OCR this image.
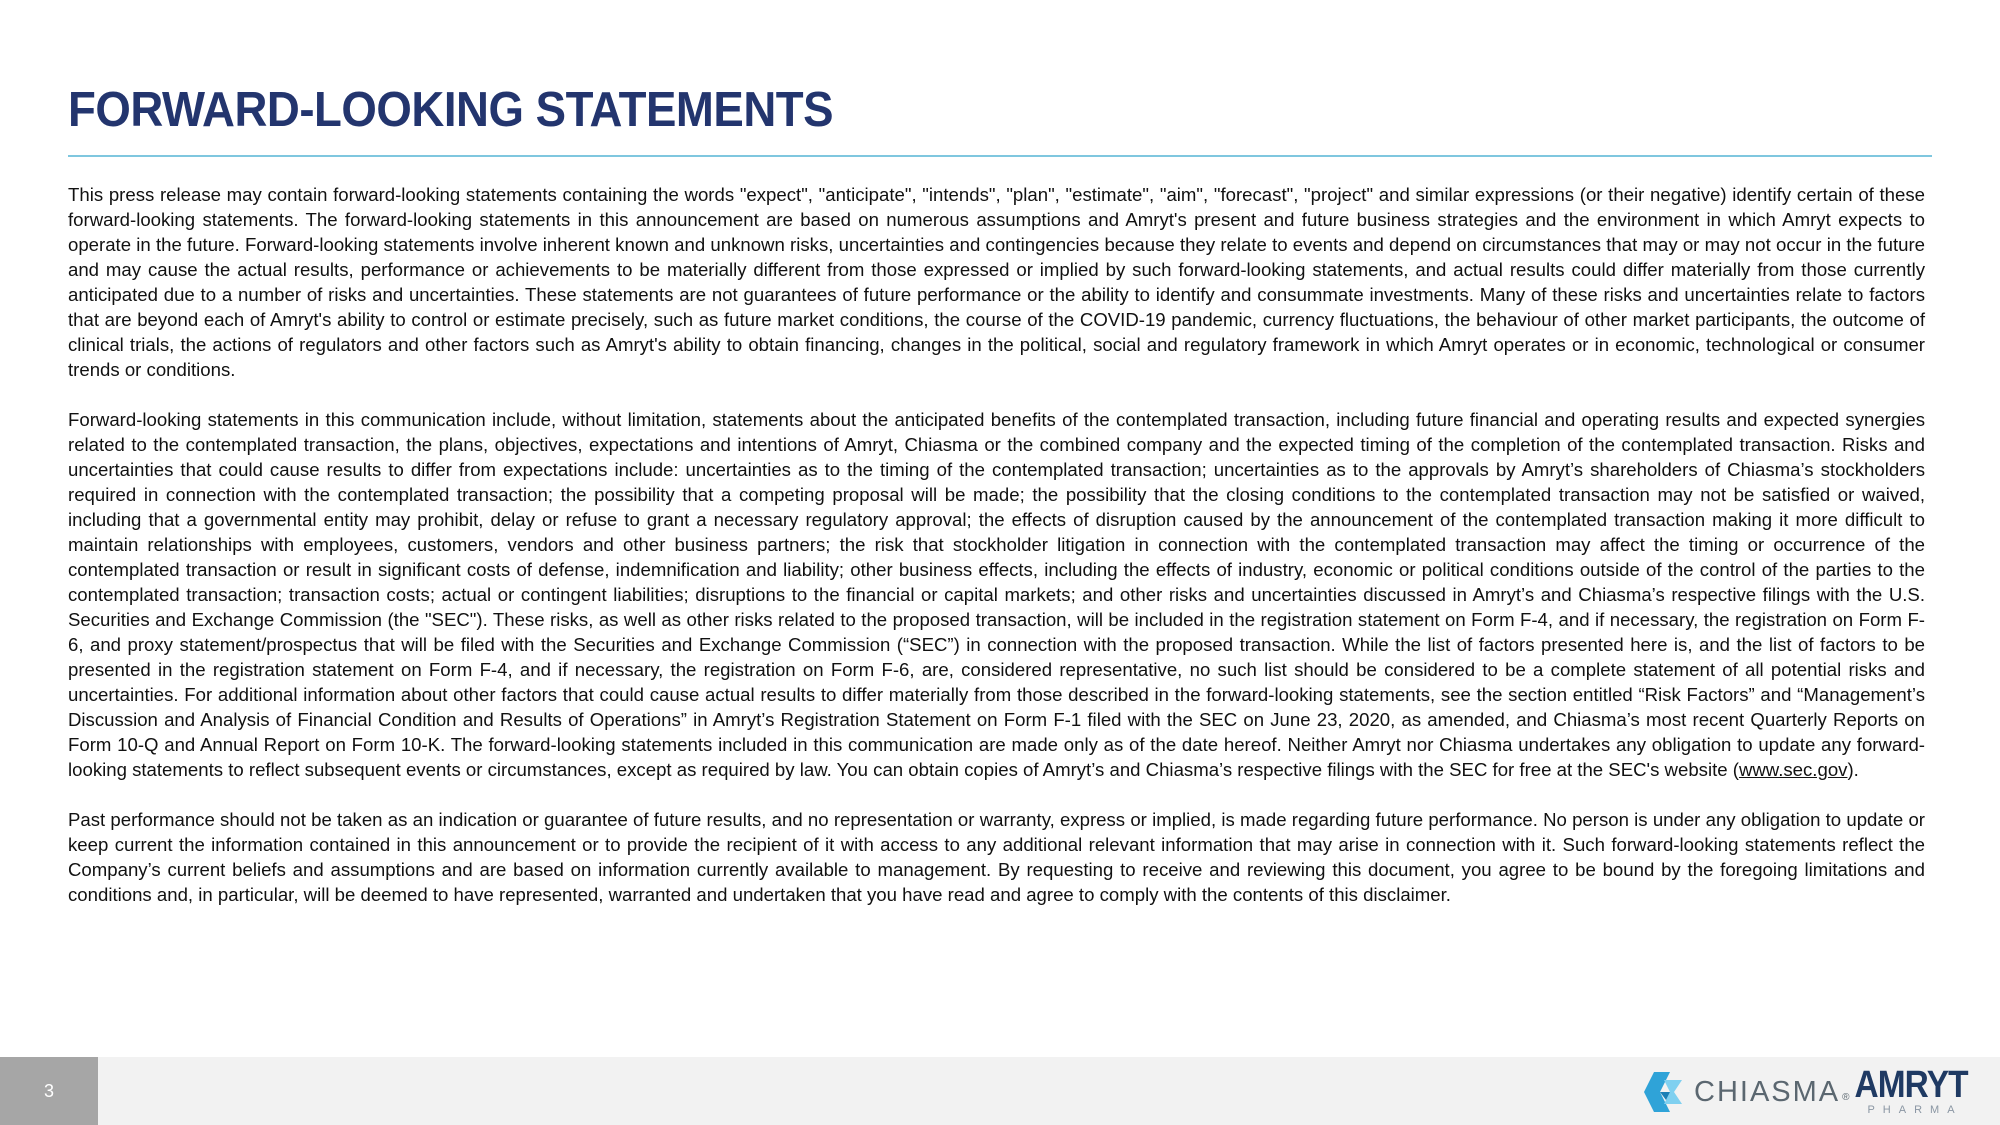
FORWARD-LOOKING STATEMENTS

This press release may contain forward-looking statements containing the words "expect", "anticipate", "intends", "plan", "estimate", "aim", "forecast", "project" and similar expressions (or their negative) identify certain of these forward-looking statements. The forward-looking statements in this announcement are based on numerous assumptions and Amryt's present and future business strategies and the environment in which Amryt expects to operate in the future. Forward-looking statements involve inherent known and unknown risks, uncertainties and contingencies because they relate to events and depend on circumstances that may or may not occur in the future and may cause the actual results, performance or achievements to be materially different from those expressed or implied by such forward-looking statements, and actual results could differ materially from those currently anticipated due to a number of risks and uncertainties. These statements are not guarantees of future performance or the ability to identify and consummate investments. Many of these risks and uncertainties relate to factors that are beyond each of Amryt's ability to control or estimate precisely, such as future market conditions, the course of the COVID-19 pandemic, currency fluctuations, the behaviour of other market participants, the outcome of clinical trials, the actions of regulators and other factors such as Amryt's ability to obtain financing, changes in the political, social and regulatory framework in which Amryt operates or in economic, technological or consumer trends or conditions.

Forward-looking statements in this communication include, without limitation, statements about the anticipated benefits of the contemplated transaction, including future financial and operating results and expected synergies related to the contemplated transaction, the plans, objectives, expectations and intentions of Amryt, Chiasma or the combined company and the expected timing of the completion of the contemplated transaction. Risks and uncertainties that could cause results to differ from expectations include: uncertainties as to the timing of the contemplated transaction; uncertainties as to the approvals by Amryt’s shareholders of Chiasma’s stockholders required in connection with the contemplated transaction; the possibility that a competing proposal will be made; the possibility that the closing conditions to the contemplated transaction may not be satisfied or waived, including that a governmental entity may prohibit, delay or refuse to grant a necessary regulatory approval; the effects of disruption caused by the announcement of the contemplated transaction making it more difficult to maintain relationships with employees, customers, vendors and other business partners; the risk that stockholder litigation in connection with the contemplated transaction may affect the timing or occurrence of the contemplated transaction or result in significant costs of defense, indemnification and liability; other business effects, including the effects of industry, economic or political conditions outside of the control of the parties to the contemplated transaction; transaction costs; actual or contingent liabilities; disruptions to the financial or capital markets; and other risks and uncertainties discussed in Amryt’s and Chiasma’s respective filings with the U.S. Securities and Exchange Commission (the "SEC"). These risks, as well as other risks related to the proposed transaction, will be included in the registration statement on Form F-4, and if necessary, the registration on Form F-6, and proxy statement/prospectus that will be filed with the Securities and Exchange Commission (“SEC”) in connection with the proposed transaction. While the list of factors presented here is, and the list of factors to be presented in the registration statement on Form F-4, and if necessary, the registration on Form F-6, are, considered representative, no such list should be considered to be a complete statement of all potential risks and uncertainties. For additional information about other factors that could cause actual results to differ materially from those described in the forward-looking statements, see the section entitled “Risk Factors” and “Management’s Discussion and Analysis of Financial Condition and Results of Operations” in Amryt’s Registration Statement on Form F-1 filed with the SEC on June 23, 2020, as amended, and Chiasma’s most recent Quarterly Reports on Form 10-Q and Annual Report on Form 10-K. The forward-looking statements included in this communication are made only as of the date hereof. Neither Amryt nor Chiasma undertakes any obligation to update any forward-looking statements to reflect subsequent events or circumstances, except as required by law. You can obtain copies of Amryt’s and Chiasma’s respective filings with the SEC for free at the SEC's website (www.sec.gov).

Past performance should not be taken as an indication or guarantee of future results, and no representation or warranty, express or implied, is made regarding future performance. No person is under any obligation to update or keep current the information contained in this announcement or to provide the recipient of it with access to any additional relevant information that may arise in connection with it. Such forward-looking statements reflect the Company’s current beliefs and assumptions and are based on information currently available to management. By requesting to receive and reviewing this document, you agree to be bound by the foregoing limitations and conditions and, in particular, will be deemed to have represented, warranted and undertaken that you have read and agree to comply with the contents of this disclaimer.

3	CHIASMA ® AMRYT
PHARMA
